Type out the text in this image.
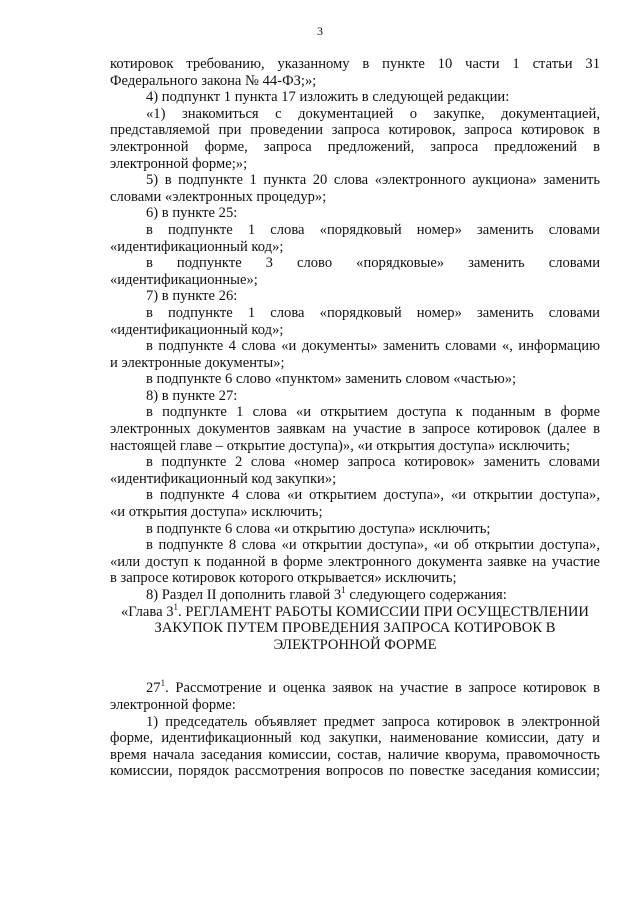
3

котировок требованию, указанному в пункте 10 части 1 статьи 31

Федерального закона № 44-ФЗ;»;

4) подпункт 1 пункта 17 изложить в следующей редакции:

«1) знакомиться с документацией о закупке, документацией,

представляемой при проведении запроса котировок, запроса котировок в

электронной форме, запроса предложений, запроса предложений в

электронной форме;»;

5) в подпункте 1 пункта 20 слова «электронного аукциона» заменить

словами «электронных процедур»;

6) в пункте 25:

в подпункте 1 слова «порядковый номер» заменить словами

«идентификационный код»;

в подпункте 3 слово «порядковые» заменить словами

«идентификационные»;

7) в пункте 26:

в подпункте 1 слова «порядковый номер» заменить словами

«идентификационный код»;

в подпункте 4 слова «и документы» заменить словами «, информацию

и электронные документы»;

в подпункте 6 слово «пунктом» заменить словом «частью»;

8) в пункте 27:

в подпункте 1 слова «и открытием доступа к поданным в форме

электронных документов заявкам на участие в запросе котировок (далее в

настоящей главе – открытие доступа)», «и открытия доступа» исключить;

в подпункте 2 слова «номер запроса котировок» заменить словами

«идентификационный код закупки»;

в подпункте 4 слова «и открытием доступа», «и открытии доступа»,

«и открытия доступа» исключить;

в подпункте 6 слова «и открытию доступа» исключить;

в подпункте 8 слова «и открытии доступа», «и об открытии доступа»,

«или доступ к поданной в форме электронного документа заявке на участие

в запросе котировок которого открывается» исключить;

8) Раздел II дополнить главой $3^1$ следующего содержания:

«Глава $3^1$. РЕГЛАМЕНТ РАБОТЫ КОМИССИИ ПРИ ОСУЩЕСТВЛЕНИИ

ЗАКУПОК ПУТЕМ ПРОВЕДЕНИЯ ЗАПРОСА КОТИРОВОК В

ЭЛЕКТРОННОЙ ФОРМЕ

$27^1$. Рассмотрение и оценка заявок на участие в запросе котировок в

электронной форме:

1) председатель объявляет предмет запроса котировок в электронной

форме, идентификационный код закупки, наименование комиссии, дату и

время начала заседания комиссии, состав, наличие кворума, правомочность

комиссии, порядок рассмотрения вопросов по повестке заседания комиссии;
